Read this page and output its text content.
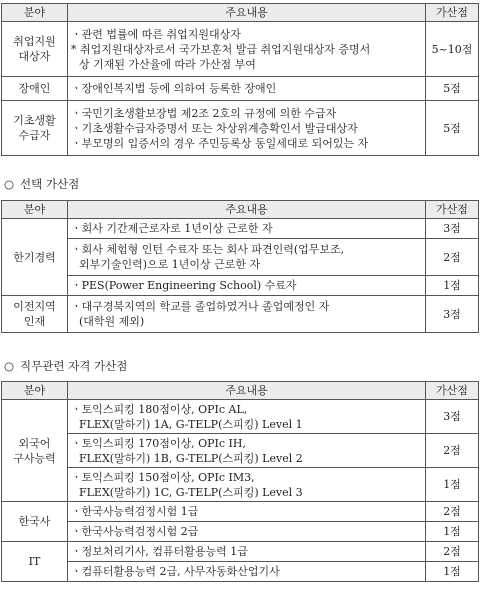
분야	주요내용	가산점

취업지원
대상자	ㆍ관련 법률에 따른 취업지원대상자
* 취업지원대상자로서 국가보훈처 발급 취업지원대상자 증명서
상 기재된 가산율에 따라 가산점 부여	5~10점

장애인	ㆍ장애인복지법 등에 의하여 등록한 장애인	5점

기초생활
수급자	ㆍ국민기초생활보장법 제2조 2호의 규정에 의한 수급자
ㆍ기초생활수급자증명서 또는 차상위계층확인서 발급대상자
ㆍ부모명의 입증서의 경우 주민등록상 동일세대로 되어있는 자	5점
○ 선택 가산점
분야	주요내용	가산점

한기경력	ㆍ회사 기간제근로자로 1년이상 근로한 자	3점

	ㆍ회사 체험형 인턴 수료자 또는 회사 파견인력(업무보조,
외부기술인력)으로 1년이상 근로한 자	2점

	ㆍPES(Power Engineering School) 수료자	1점

이전지역
인재	ㆍ대구경북지역의 학교를 졸업하였거나 졸업예정인 자
(대학원 제외)	3점
○ 직무관련 자격 가산점
분야	주요내용	가산점

외국어
구사능력	ㆍ토익스피킹 180점이상, OPIc AL,
FLEX(말하기) 1A, G-TELP(스피킹) Level 1	3점

	ㆍ토익스피킹 170점이상, OPIc IH,
FLEX(말하기) 1B, G-TELP(스피킹) Level 2	2점

	ㆍ토익스피킹 150점이상, OPIc IM3,
FLEX(말하기) 1C, G-TELP(스피킹) Level 3	1점

한국사	ㆍ한국사능력검정시험 1급	2점

	ㆍ한국사능력검정시험 2급	1점

IT	ㆍ정보처리기사, 컴퓨터활용능력 1급	2점

	ㆍ컴퓨터활용능력 2급, 사무자동화산업기사	1점
